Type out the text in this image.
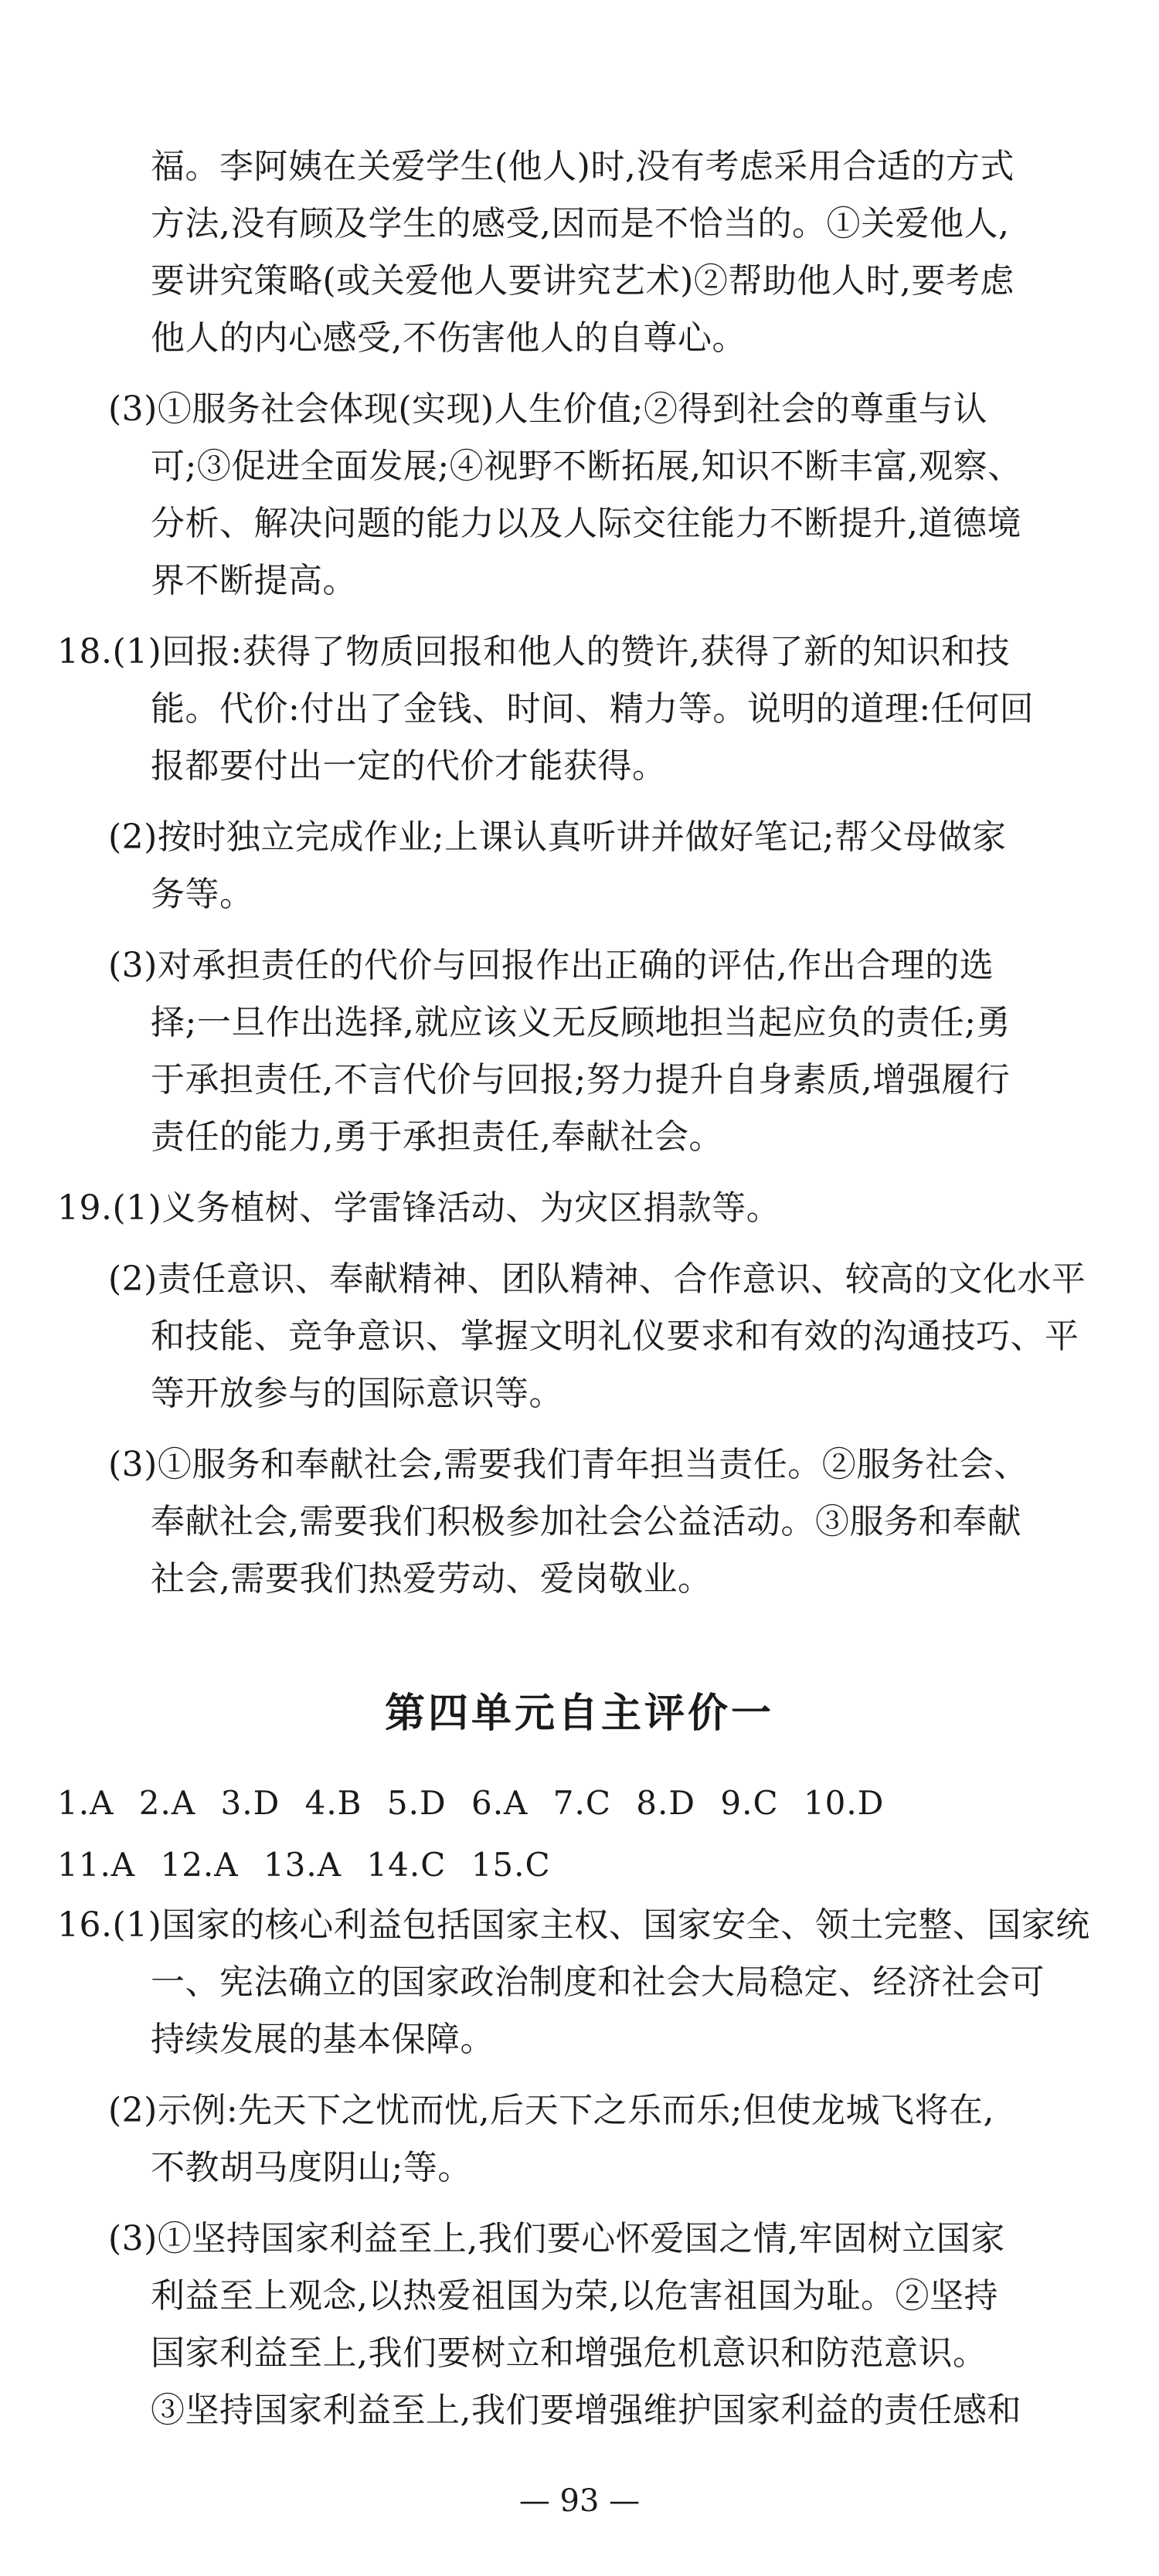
福。李阿姨在关爱学生(他人)时,没有考虑采用合适的方式
方法,没有顾及学生的感受,因而是不恰当的。①关爱他人,
要讲究策略(或关爱他人要讲究艺术)②帮助他人时,要考虑
他人的内心感受,不伤害他人的自尊心。
(3)①服务社会体现(实现)人生价值;②得到社会的尊重与认
可;③促进全面发展;④视野不断拓展,知识不断丰富,观察、
分析、解决问题的能力以及人际交往能力不断提升,道德境
界不断提高。
18.(1)回报:获得了物质回报和他人的赞许,获得了新的知识和技
能。代价:付出了金钱、时间、精力等。说明的道理:任何回
报都要付出一定的代价才能获得。
(2)按时独立完成作业;上课认真听讲并做好笔记;帮父母做家
务等。
(3)对承担责任的代价与回报作出正确的评估,作出合理的选
择;一旦作出选择,就应该义无反顾地担当起应负的责任;勇
于承担责任,不言代价与回报;努力提升自身素质,增强履行
责任的能力,勇于承担责任,奉献社会。
19.(1)义务植树、学雷锋活动、为灾区捐款等。
(2)责任意识、奉献精神、团队精神、合作意识、较高的文化水平
和技能、竞争意识、掌握文明礼仪要求和有效的沟通技巧、平
等开放参与的国际意识等。
(3)①服务和奉献社会,需要我们青年担当责任。②服务社会、
奉献社会,需要我们积极参加社会公益活动。③服务和奉献
社会,需要我们热爱劳动、爱岗敬业。
第四单元自主评价一
1.A 2.A 3.D 4.B 5.D 6.A 7.C 8.D 9.C 10.D
11.A 12.A 13.A 14.C 15.C
16.(1)国家的核心利益包括国家主权、国家安全、领土完整、国家统
一、宪法确立的国家政治制度和社会大局稳定、经济社会可
持续发展的基本保障。
(2)示例:先天下之忧而忧,后天下之乐而乐;但使龙城飞将在,
不教胡马度阴山;等。
(3)①坚持国家利益至上,我们要心怀爱国之情,牢固树立国家
利益至上观念,以热爱祖国为荣,以危害祖国为耻。②坚持
国家利益至上,我们要树立和增强危机意识和防范意识。
③坚持国家利益至上,我们要增强维护国家利益的责任感和
— 93 —
